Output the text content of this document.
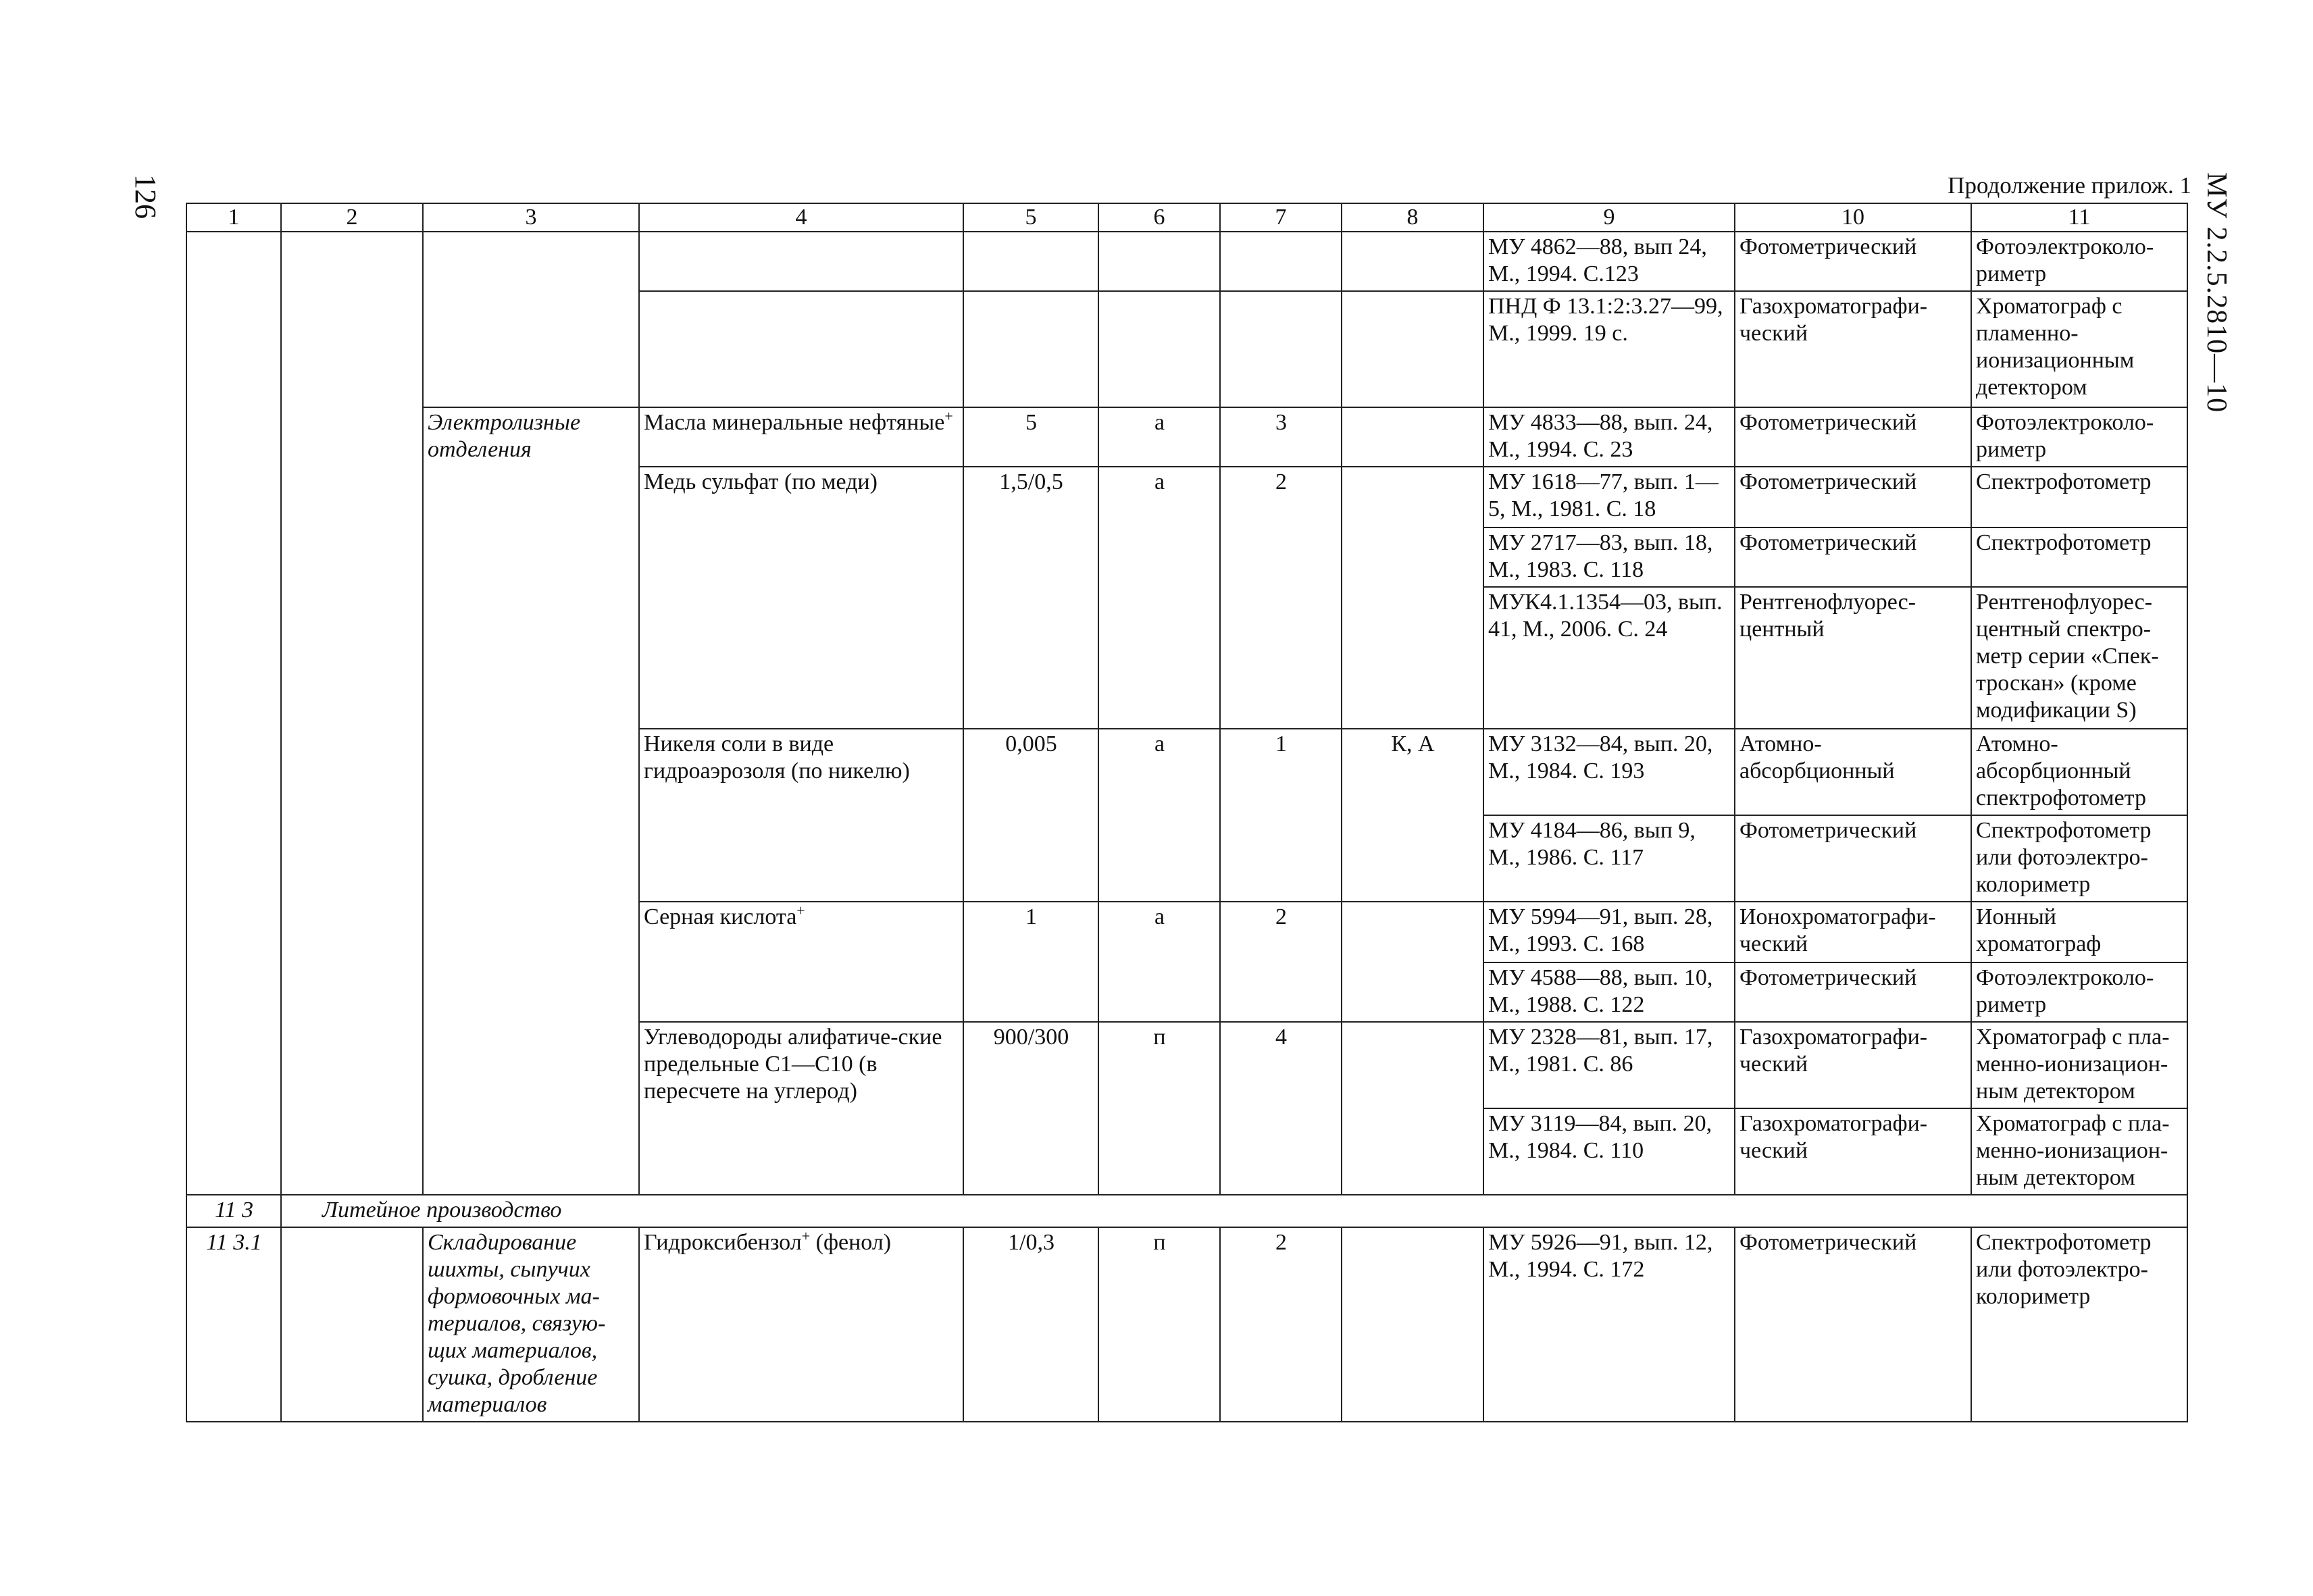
МУ 2.2.5.2810—10
126	Продолжение прилож. 1
1	2	3	4	5	6	7	8	9	10	11
								МУ 4862—88, вып 24, М., 1994. С.123	Фотометрический	Фотоэлектроколо-риметр
								ПНД Ф 13.1:2:3.27—99, М., 1999. 19 с.	Газохроматографи-ческий	Хроматограф с пламенно-ионизационным детектором
		Электролизные отделения	Масла минеральные нефтяные+	5	а	3		МУ 4833—88, вып. 24, М., 1994. С. 23	Фотометрический	Фотоэлектроколо-риметр
			Медь сульфат (по меди)	1,5/0,5	а	2		МУ 1618—77, вып. 1—5, М., 1981. С. 18	Фотометрический	Спектрофотометр
								МУ 2717—83, вып. 18, М., 1983. С. 118	Фотометрический	Спектрофотометр
								МУК4.1.1354—03, вып. 41, М., 2006. С. 24	Рентгенофлуорес-центный	Рентгенофлуорес-центный спектро-метр серии «Спек-троскан» (кроме модификации S)
			Никеля соли в виде гидроаэрозоля (по никелю)	0,005	а	1	К, А	МУ 3132—84, вып. 20, М., 1984. С. 193	Атомно-абсорбционный	Атомно-абсорбционный спектрофотометр
								МУ 4184—86, вып 9, М., 1986. С. 117	Фотометрический	Спектрофотометр или фотоэлектро-колориметр
			Серная кислота+	1	а	2		МУ 5994—91, вып. 28, М., 1993. С. 168	Ионохроматографи-ческий	Ионный хроматограф
								МУ 4588—88, вып. 10, М., 1988. С. 122	Фотометрический	Фотоэлектроколо-риметр
			Углеводороды алифатиче-ские предельные С1—С10 (в пересчете на углерод)	900/300	п	4		МУ 2328—81, вып. 17, М., 1981. С. 86	Газохроматографи-ческий	Хроматограф с пла-менно-ионизацион-ным детектором
								МУ 3119—84, вып. 20, М., 1984. С. 110	Газохроматографи-ческий	Хроматограф с пла-менно-ионизацион-ным детектором
11 3	Литейное производство									
11 3.1		Складирование шихты, сыпучих формовочных ма-териалов, связую-щих материалов, сушка, дробление материалов	Гидроксибензол+ (фенол)	1/0,3	п	2		МУ 5926—91, вып. 12, М., 1994. С. 172	Фотометрический	Спектрофотометр или фотоэлектро-колориметр
